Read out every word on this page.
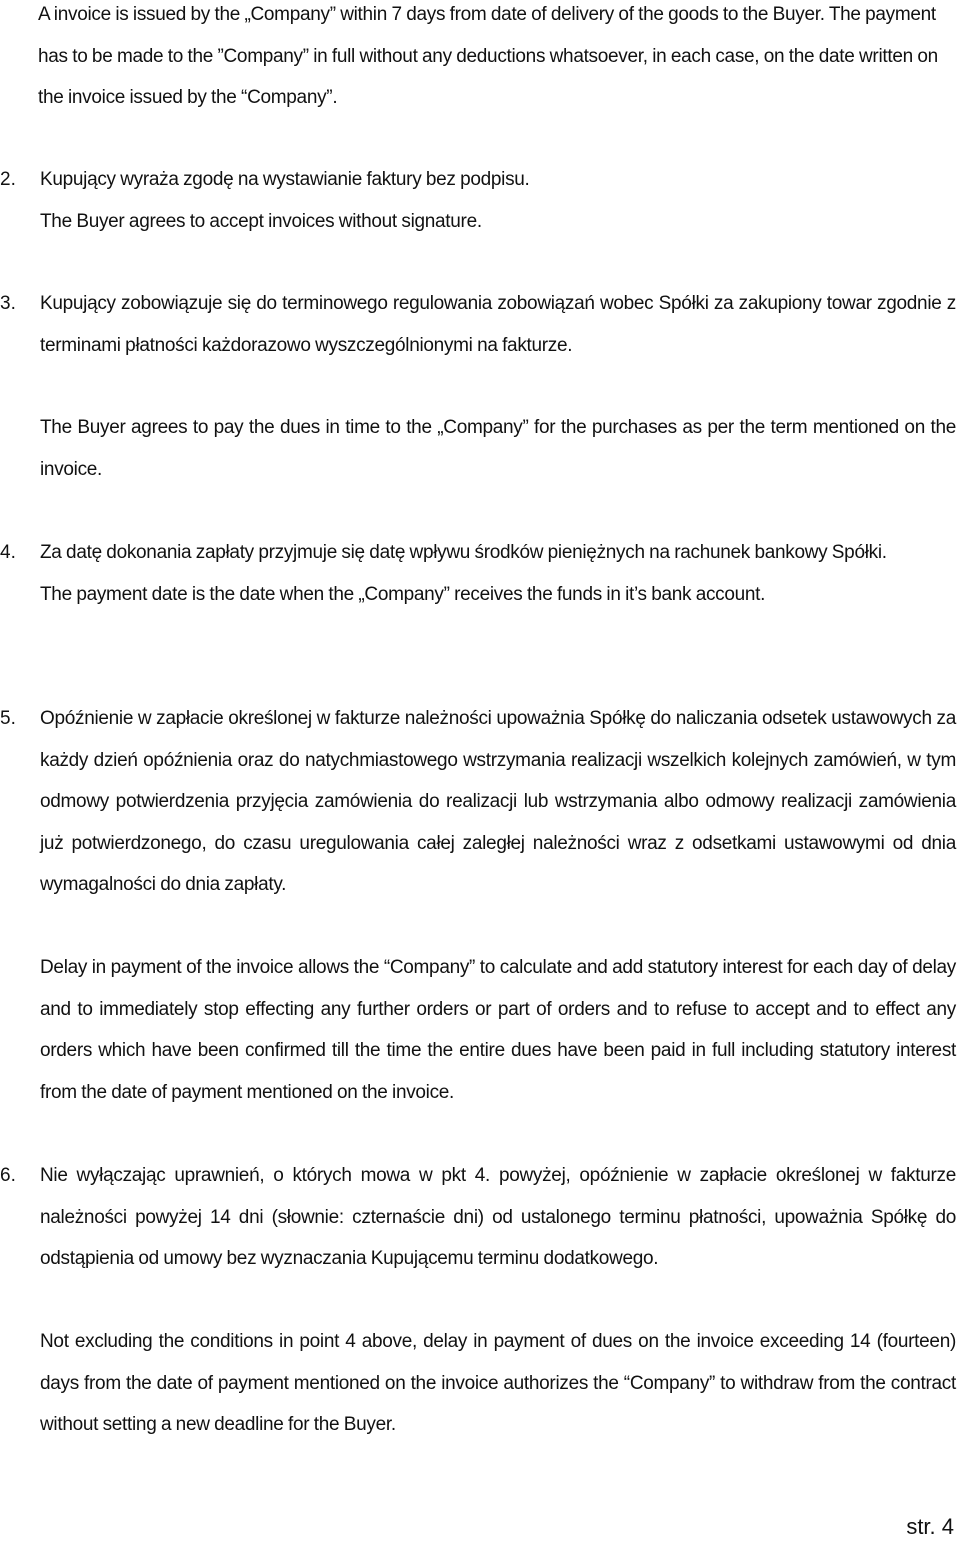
A invoice is issued by the „Company” within 7 days from date of delivery of the goods to the Buyer. The payment has to be made to the ”Company” in full without any deductions whatsoever, in each case, on the date written on the invoice issued by the “Company”.

2.	Kupujący wyraża zgodę na wystawianie faktury bez podpisu.

The Buyer agrees to accept invoices without signature.

3.	Kupujący zobowiązuje się do terminowego regulowania zobowiązań wobec Spółki za zakupiony towar zgodnie z terminami płatności każdorazowo wyszczególnionymi na fakturze.

The Buyer agrees to pay the dues in time to the „Company” for the purchases as per the term mentioned on the invoice.

4.	Za datę dokonania zapłaty przyjmuje się datę wpływu środków pieniężnych na rachunek bankowy Spółki.

The payment date is the date when the „Company” receives the funds in it’s bank account.

5.	Opóźnienie w zapłacie określonej w fakturze należności upoważnia Spółkę do naliczania odsetek ustawowych za każdy dzień opóźnienia oraz do natychmiastowego wstrzymania realizacji wszelkich kolejnych zamówień, w tym odmowy potwierdzenia przyjęcia zamówienia do realizacji lub wstrzymania albo odmowy realizacji zamówienia już potwierdzonego, do czasu uregulowania całej zaległej należności wraz z odsetkami ustawowymi od dnia wymagalności do dnia zapłaty.

Delay in payment of the invoice allows the “Company” to calculate and add statutory interest for each day of delay and to immediately stop effecting any further orders or part of orders and to refuse to accept and to effect any orders which have been confirmed till the time the entire dues have been paid in full including statutory interest from the date of payment mentioned on the invoice.

6.	Nie wyłączając uprawnień, o których mowa w pkt 4. powyżej, opóźnienie w zapłacie określonej w fakturze należności powyżej 14 dni (słownie: czternaście dni) od ustalonego terminu płatności, upoważnia Spółkę do odstąpienia od umowy bez wyznaczania Kupującemu terminu dodatkowego.

Not excluding the conditions in point 4 above, delay in payment of dues on the invoice exceeding 14 (fourteen) days from the date of payment mentioned on the invoice authorizes the “Company” to withdraw from the contract without setting a new deadline for the Buyer.

str. 4
